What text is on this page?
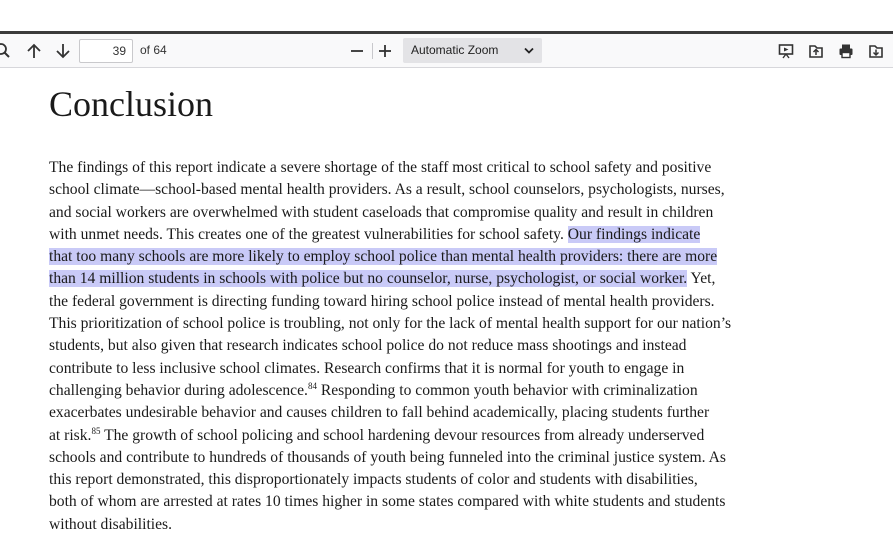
39	of 64	Automatic Zoom
Conclusion
The findings of this report indicate a severe shortage of the staff most critical to school safety and positive
school climate—school-based mental health providers. As a result, school counselors, psychologists, nurses,
and social workers are overwhelmed with student caseloads that compromise quality and result in children
with unmet needs. This creates one of the greatest vulnerabilities for school safety. Our findings indicate
that too many schools are more likely to employ school police than mental health providers: there are more
than 14 million students in schools with police but no counselor, nurse, psychologist, or social worker. Yet,
the federal government is directing funding toward hiring school police instead of mental health providers.
This prioritization of school police is troubling, not only for the lack of mental health support for our nation’s
students, but also given that research indicates school police do not reduce mass shootings and instead
contribute to less inclusive school climates. Research confirms that it is normal for youth to engage in
challenging behavior during adolescence.$^{84}$ Responding to common youth behavior with criminalization
exacerbates undesirable behavior and causes children to fall behind academically, placing students further
at risk.$^{85}$ The growth of school policing and school hardening devour resources from already underserved
schools and contribute to hundreds of thousands of youth being funneled into the criminal justice system. As
this report demonstrated, this disproportionately impacts students of color and students with disabilities,
both of whom are arrested at rates 10 times higher in some states compared with white students and students
without disabilities.
